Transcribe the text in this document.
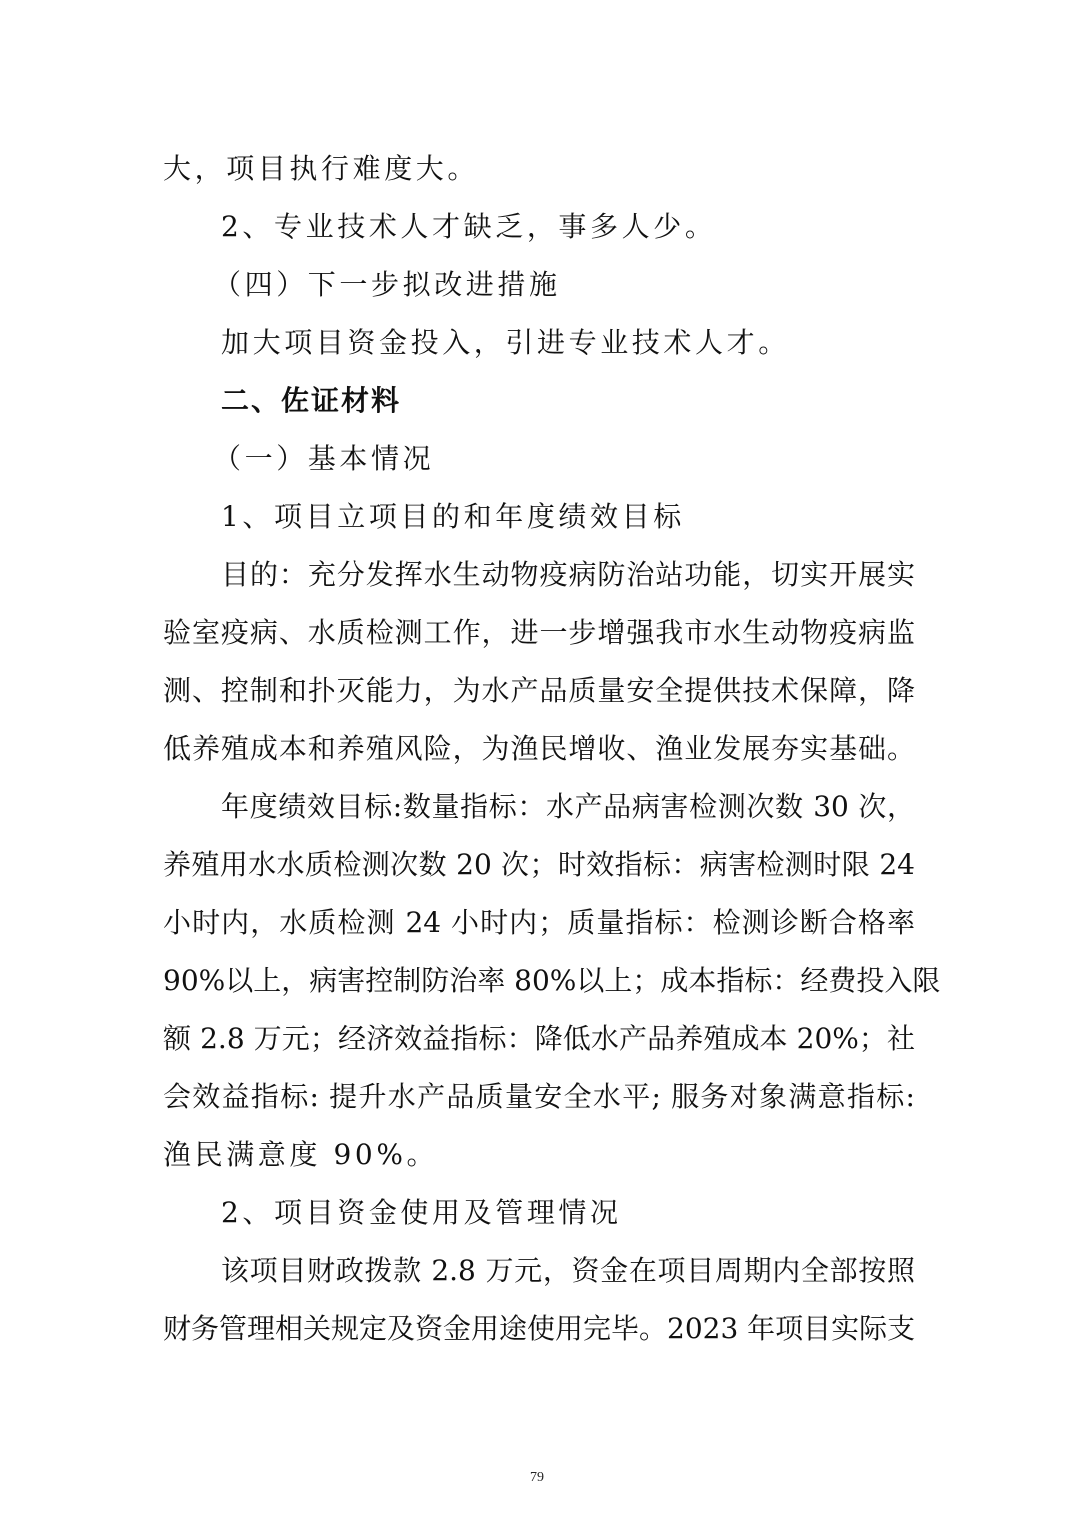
大，项目执行难度大。
2、专业技术人才缺乏，事多人少。
（四）下一步拟改进措施
加大项目资金投入，引进专业技术人才。
二、佐证材料
（一）基本情况
1、项目立项目的和年度绩效目标
目的：充分发挥水生动物疫病防治站功能，切实开展实
验室疫病、水质检测工作，进一步增强我市水生动物疫病监
测、控制和扑灭能力，为水产品质量安全提供技术保障，降
低养殖成本和养殖风险，为渔民增收、渔业发展夯实基础。
年度绩效目标:数量指标：水产品病害检测次数 30 次，
养殖用水水质检测次数 20 次；时效指标：病害检测时限 24
小时内，水质检测 24 小时内；质量指标：检测诊断合格率
90%以上，病害控制防治率 80%以上；成本指标：经费投入限
额 2.8 万元；经济效益指标：降低水产品养殖成本 20%；社
会效益指标: 提升水产品质量安全水平; 服务对象满意指标:
渔民满意度 90%。
2、项目资金使用及管理情况
该项目财政拨款 2.8 万元，资金在项目周期内全部按照
财务管理相关规定及资金用途使用完毕。2023 年项目实际支
79
